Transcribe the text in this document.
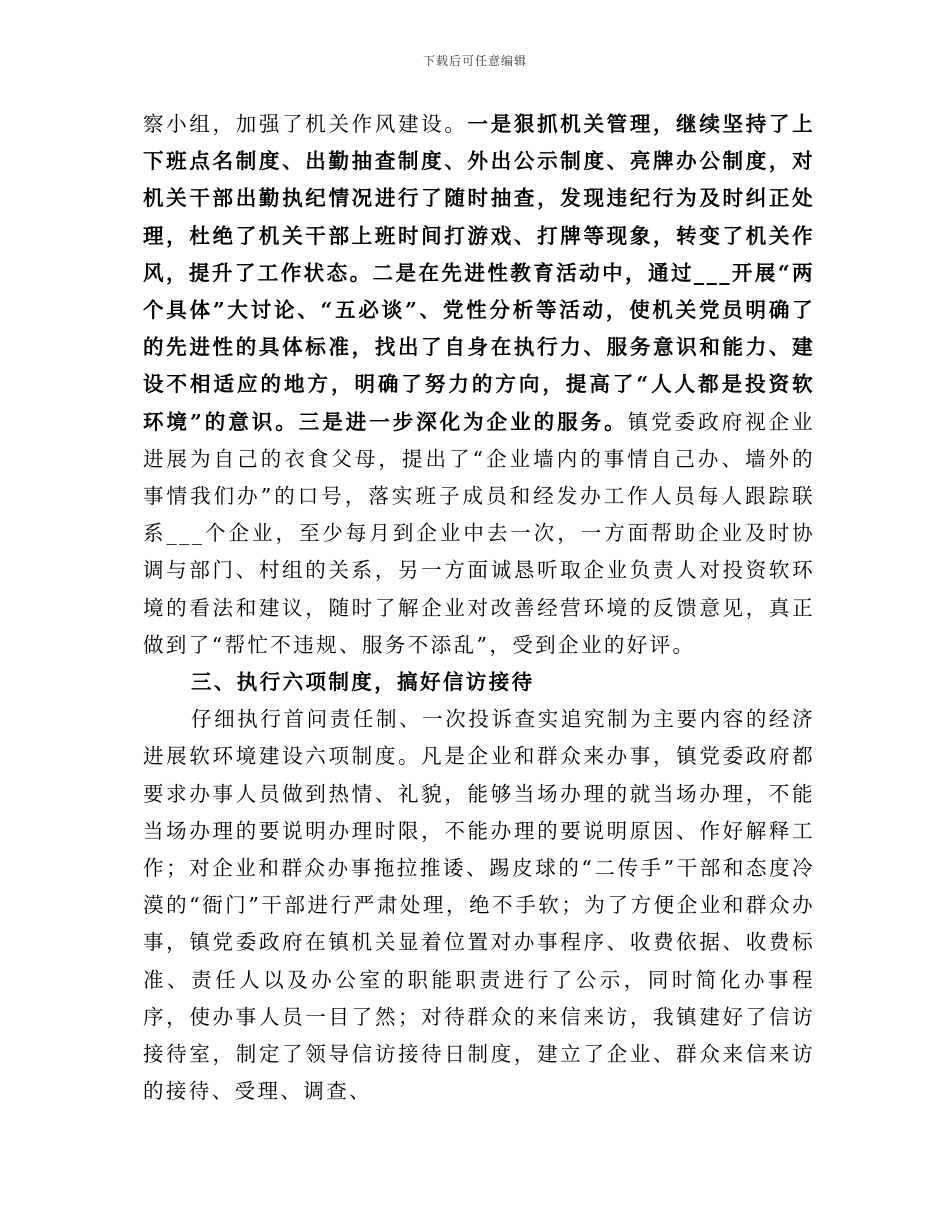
下载后可任意编辑

察小组，加强了机关作风建设。一是狠抓机关管理，继续坚持了上下班点名制度、出勤抽查制度、外出公示制度、亮牌办公制度，对机关干部出勤执纪情况进行了随时抽查，发现违纪行为及时纠正处理，杜绝了机关干部上班时间打游戏、打牌等现象，转变了机关作风，提升了工作状态。二是在先进性教育活动中，通过___开展“两个具体”大讨论、“五必谈”、党性分析等活动，使机关党员明确了的先进性的具体标准，找出了自身在执行力、服务意识和能力、建设不相适应的地方，明确了努力的方向，提高了“人人都是投资软环境”的意识。三是进一步深化为企业的服务。镇党委政府视企业进展为自己的衣食父母，提出了“企业墙内的事情自己办、墙外的事情我们办”的口号，落实班子成员和经发办工作人员每人跟踪联系___个企业，至少每月到企业中去一次，一方面帮助企业及时协调与部门、村组的关系，另一方面诚恳听取企业负责人对投资软环境的看法和建议，随时了解企业对改善经营环境的反馈意见，真正做到了“帮忙不违规、服务不添乱”，受到企业的好评。

三、执行六项制度，搞好信访接待

仔细执行首问责任制、一次投诉查实追究制为主要内容的经济进展软环境建设六项制度。凡是企业和群众来办事，镇党委政府都要求办事人员做到热情、礼貌，能够当场办理的就当场办理，不能当场办理的要说明办理时限，不能办理的要说明原因、作好解释工作；对企业和群众办事拖拉推诿、踢皮球的“二传手”干部和态度冷漠的“衙门”干部进行严肃处理，绝不手软；为了方便企业和群众办事，镇党委政府在镇机关显着位置对办事程序、收费依据、收费标准、责任人以及办公室的职能职责进行了公示，同时简化办事程序，使办事人员一目了然；对待群众的来信来访，我镇建好了信访接待室，制定了领导信访接待日制度，建立了企业、群众来信来访的接待、受理、调查、
